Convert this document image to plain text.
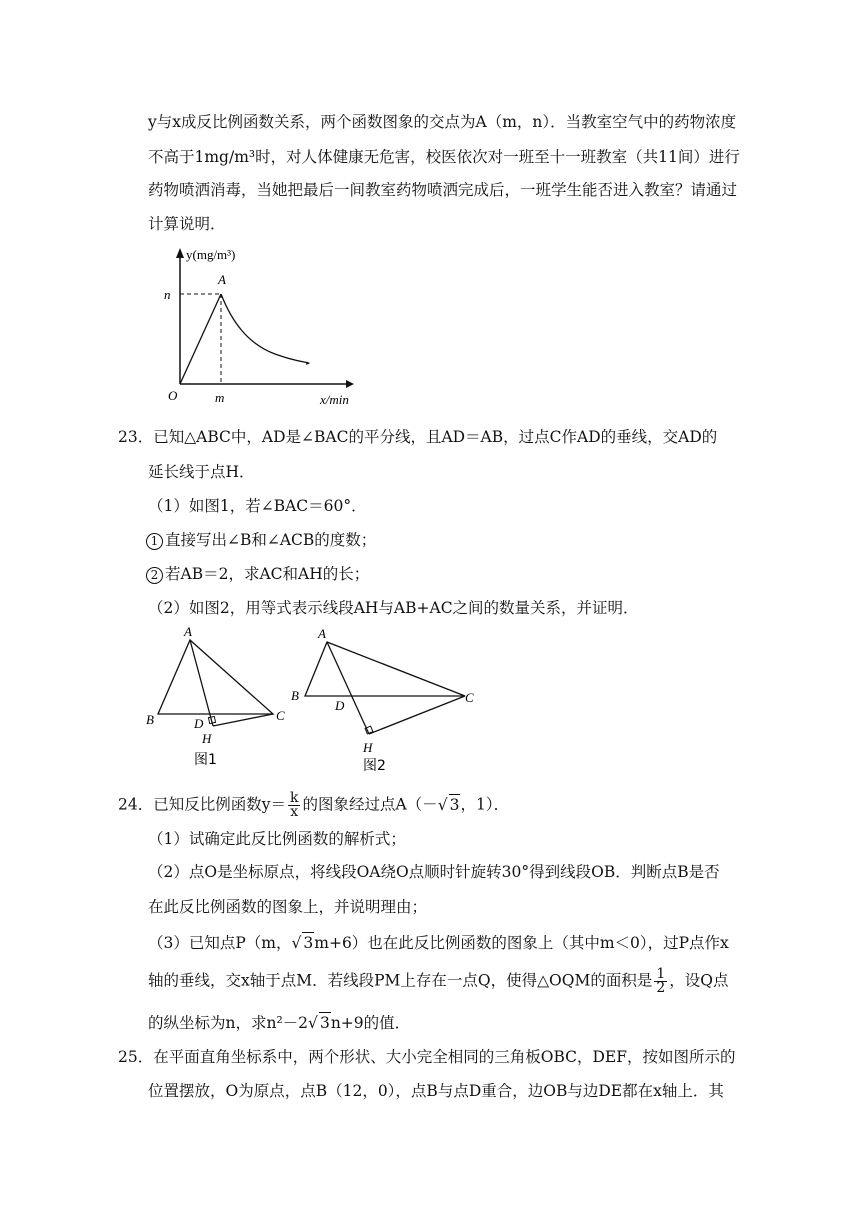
y与x成反比例函数关系，两个函数图象的交点为A（m，n）．当教室空气中的药物浓度
不高于1mg/m³时，对人体健康无危害，校医依次对一班至十一班教室（共11间）进行
药物喷洒消毒，当她把最后一间教室药物喷洒完成后，一班学生能否进入教室？请通过
计算说明．
y(mg/m³)
A
n
O	m	x/min
23．已知△ABC中，AD是∠BAC的平分线，且AD＝AB，过点C作AD的垂线，交AD的
延长线于点H．
（1）如图1，若∠BAC＝60°．
1 直接写出∠B和∠ACB的度数；
2 若AB＝2，求AC和AH的长；
（2）如图2，用等式表示线段AH与AB+AC之间的数量关系，并证明．
A
B	C
D
H
图1
A
B	C
D
H
图2
24．已知反比例函数$y= \frac{k}{x}$ 的图象经过点A（－ √ 3，1）．
（1）试确定此反比例函数的解析式；
（2）点O是坐标原点，将线段OA绕O点顺时针旋转30°得到线段OB．判断点B是否
在此反比例函数的图象上，并说明理由；
（3）已知点P（m， √ 3m+6）也在此反比例函数的图象上（其中m＜0），过P点作x
轴的垂线，交x轴于点M．若线段PM上存在一点Q，使得△OQM的面积是 $\frac{1}{2}$ ，设Q点
的纵坐标为n，求n²－2 √ 3n+9的值．
25．在平面直角坐标系中，两个形状、大小完全相同的三角板OBC，DEF，按如图所示的
位置摆放，O为原点，点B（12，0），点B与点D重合，边OB与边DE都在x轴上．其
